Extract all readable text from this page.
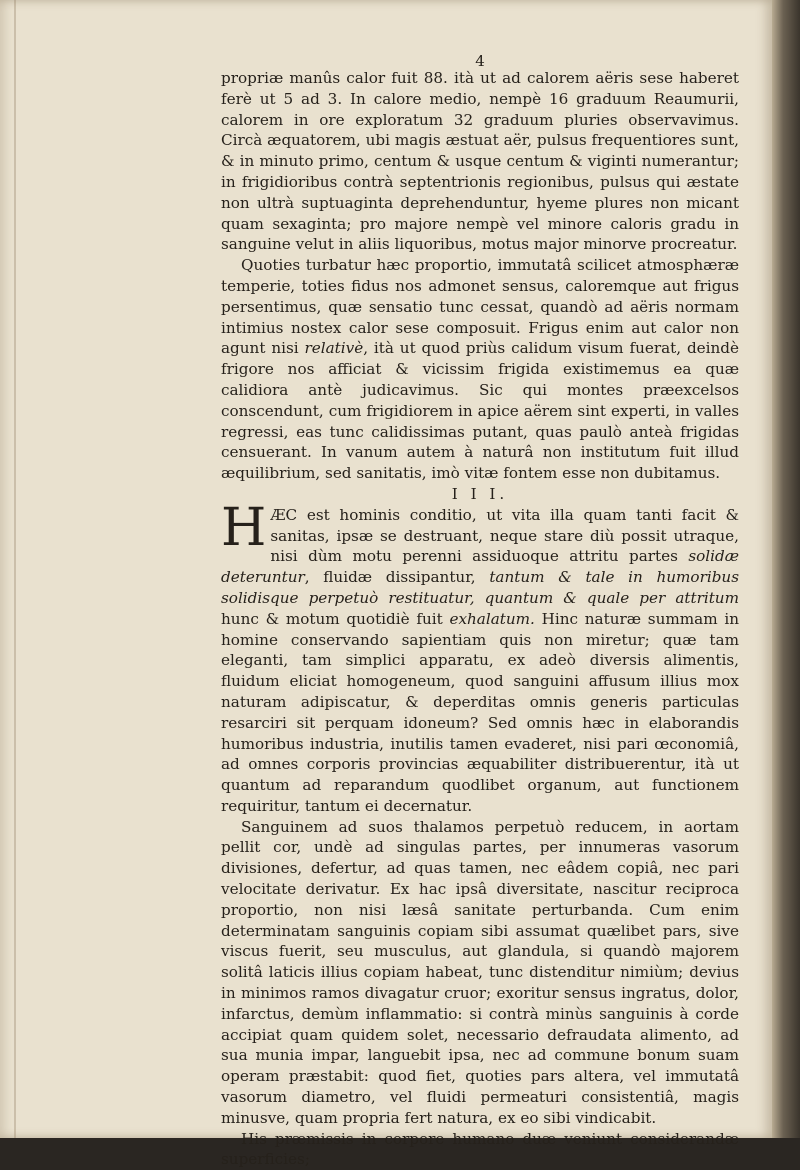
4

propriæ manûs calor fuit 88. ità ut ad calorem aëris sese haberet ferè ut 5 ad 3. In calore medio, nempè 16 graduum Reaumurii, calorem in ore exploratum 32 graduum pluries observavimus. Circà æquatorem, ubi magis æstuat aër, pulsus frequentiores sunt, & in minuto primo, centum & usque centum & viginti numerantur; in frigidioribus contrà septentrionis regionibus, pulsus qui æstate non ultrà suptuaginta deprehenduntur, hyeme plures non micant quam sexaginta; pro majore nempè vel minore caloris gradu in sanguine velut in aliis liquoribus, motus major minorve procreatur.

Quoties turbatur hæc proportio, immutatâ scilicet atmosphæræ temperie, toties fidus nos admonet sensus, caloremque aut frigus persentimus, quæ sensatio tunc cessat, quandò ad aëris normam intimius nostex calor sese composuit. Frigus enim aut calor non agunt nisi relativè, ità ut quod priùs calidum visum fuerat, deindè frigore nos afficiat & vicissim frigida existimemus ea quæ calidiora antè judicavimus. Sic qui montes præexcelsos conscendunt, cum frigidiorem in apice aërem sint experti, in valles regressi, eas tunc calidissimas putant, quas paulò anteà frigidas censuerant. In vanum autem à naturâ non institutum fuit illud æquilibrium, sed sanitatis, imò vitæ fontem esse non dubitamus.

I I I.

HÆC est hominis conditio, ut vita illa quam tanti facit & sanitas, ipsæ se destruant, neque stare diù possit utraque, nisi dùm motu perenni assiduoque attritu partes solidæ deteruntur, fluidæ dissipantur, tantum & tale in humoribus solidisque perpetuò restituatur, quantum & quale per attritum hunc & motum quotidiè fuit exhalatum. Hinc naturæ summam in homine conservando sapientiam quis non miretur; quæ tam eleganti, tam simplici apparatu, ex adeò diversis alimentis, fluidum eliciat homogeneum, quod sanguini affusum illius mox naturam adipiscatur, & deperditas omnis generis particulas resarciri sit perquam idoneum? Sed omnis hæc in elaborandis humoribus industria, inutilis tamen evaderet, nisi pari œconomiâ, ad omnes corporis provincias æquabiliter distribuerentur, ità ut quantum ad reparandum quodlibet organum, aut functionem requiritur, tantum ei decernatur.

Sanguinem ad suos thalamos perpetuò reducem, in aortam pellit cor, undè ad singulas partes, per innumeras vasorum divisiones, defertur, ad quas tamen, nec eâdem copiâ, nec pari velocitate derivatur. Ex hac ipsâ diversitate, nascitur reciproca proportio, non nisi læsâ sanitate perturbanda. Cum enim determinatam sanguinis copiam sibi assumat quælibet pars, sive viscus fuerit, seu musculus, aut glandula, si quandò majorem solitâ laticis illius copiam habeat, tunc distenditur nimiùm; devius in minimos ramos divagatur cruor; exoritur sensus ingratus, dolor, infarctus, demùm inflammatio: si contrà minùs sanguinis à corde accipiat quam quidem solet, necessario defraudata alimento, ad sua munia impar, languebit ipsa, nec ad commune bonum suam operam præstabit: quod fiet, quoties pars altera, vel immutatâ vasorum diametro, vel fluidi permeaturi consistentiâ, magis minusve, quam propria fert natura, ex eo sibi vindicabit.

His præmissis in corpore humano duæ veniunt considerandæ superficies;
